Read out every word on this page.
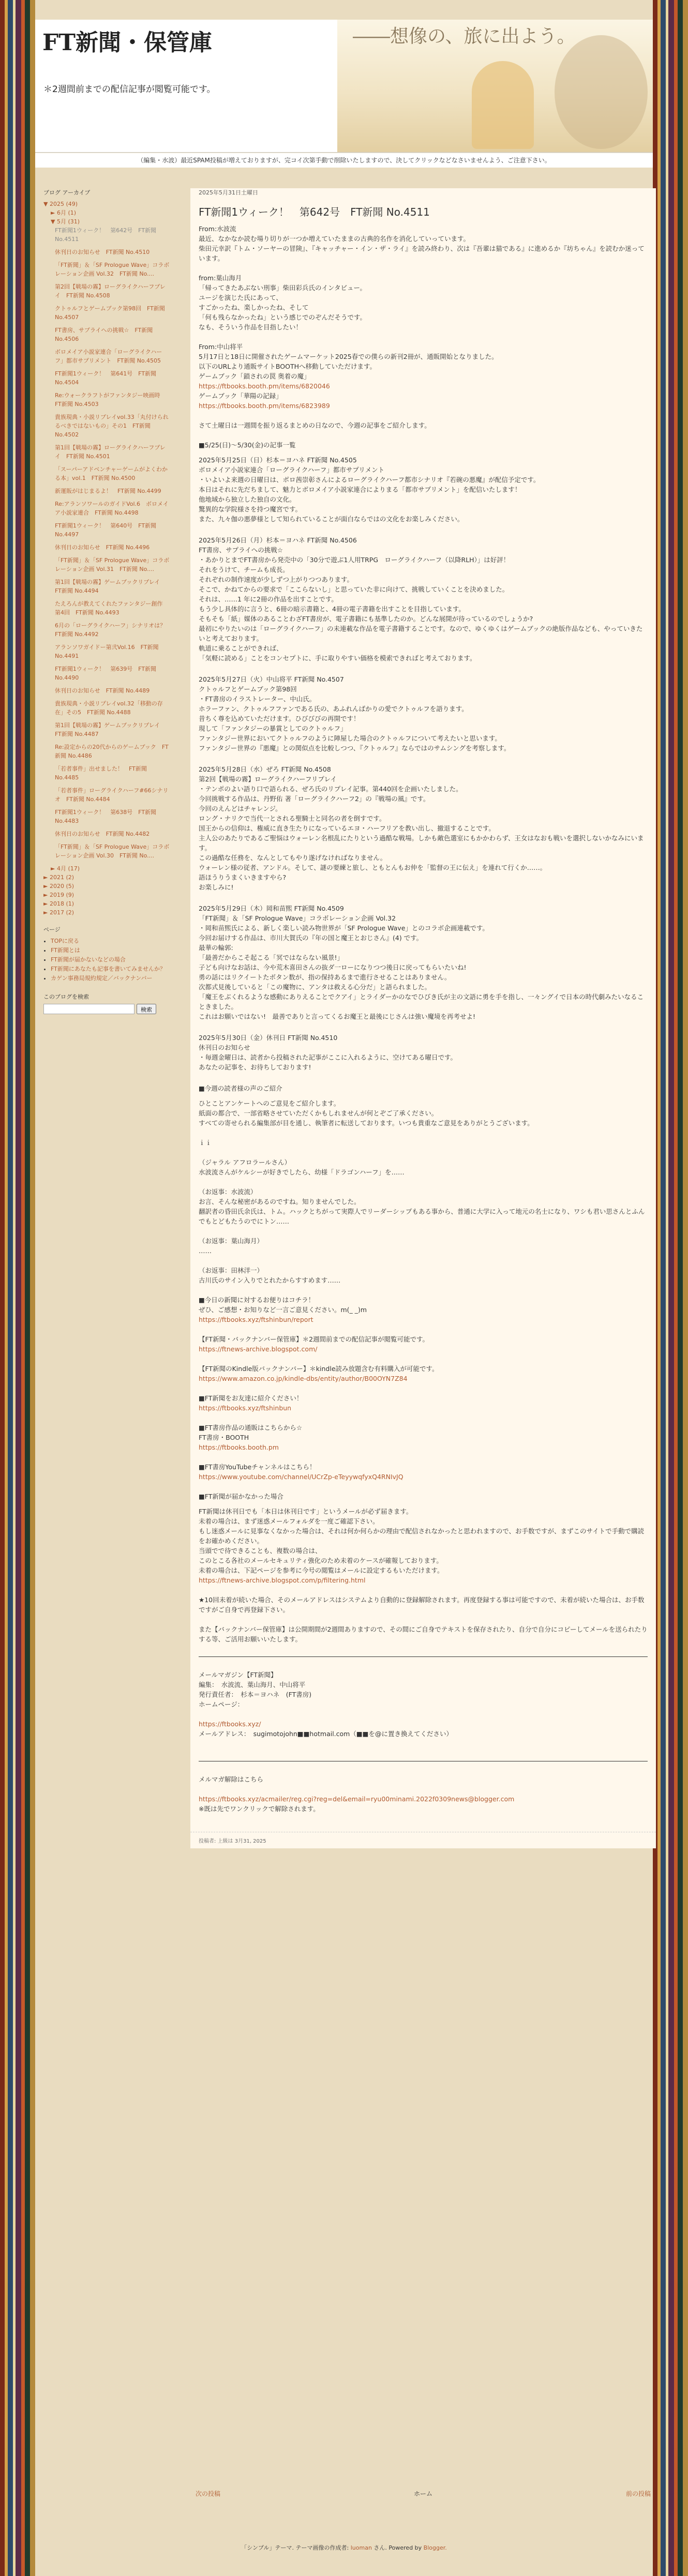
FT新聞・保管庫
＊2週間前までの配信記事が閲覧可能です。
――想像の、旅に出よう。
（編集・水波）最近SPAM投稿が増えておりますが、完コイ次第手動で削除いたしますので、決してクリックなどなさいませんよう、ご注意下さい。
ブログ アーカイブ
▼ 2025 (49)
► 6月 (1)
▼ 5月 (31)
FT新聞1ウィーク！　第642号　FT新聞 No.4511
休刊日のお知らせ　FT新聞 No.4510
「FT新聞」＆「SF Prologue Wave」コラボレーション企画 Vol.32　FT新聞 No....
第2回【戦場の霧】ローグライクハーフプレイ　FT新聞 No.4508
クトゥルフとゲームブック第98回　FT新聞 No.4507
FT書房、サプライへの挑戦☆　FT新聞 No.4506
ボロメイア小説家連合「ローグライクハーフ」都市サプリメント　FT新聞 No.4505
FT新聞1ウィーク！　第641号　FT新聞 No.4504
Re:ウォークラフトがファンタジー映画時　FT新聞 No.4503
貴族現典・小説リプレイvol.33「丸付けられるべきではないもの」その1　FT新聞 No.4502
第1回【戦場の霧】ローグライクハーフプレイ　FT新聞 No.4501
「スーパーアドベンチャーゲームがよくわかる本」vol.1　FT新聞 No.4500
新運販がはじまるよ！　FT新聞 No.4499
Re:アランソワールのガイドVol.6　ボロメイア小説家連合　FT新聞 No.4498
FT新聞1ウィーク！　第640号　FT新聞 No.4497
休刊日のお知らせ　FT新聞 No.4496
「FT新聞」＆「SF Prologue Wave」コラボレーション企画 Vol.31　FT新聞 No....
第1回【戦場の霧】ゲームブックリプレイ　FT新聞 No.4494
たえろんが教えてくれたファンタジー創作　第4回　FT新聞 No.4493
6月の「ローグライクハーフ」シナリオは？　FT新聞 No.4492
アランソワガイドー第弐Vol.16　FT新聞 No.4491
FT新聞1ウィーク！　第639号　FT新聞 No.4490
休刊日のお知らせ　FT新聞 No.4489
貴族現典・小説リプレイvol.32「移動の存在」その5　FT新聞 No.4488
第1回【戦場の霧】ゲームブックリプレイ　FT新聞 No.4487
Re:設定からの20代からのゲームブック　FT新聞 No.4486
「若者事件」出せました！　FT新聞 No.4485
「若者事件」ローグライクハーフ#66シナリオ　FT新聞 No.4484
FT新聞1ウィーク！　第638号　FT新聞 No.4483
休刊日のお知らせ　FT新聞 No.4482
「FT新聞」＆「SF Prologue Wave」コラボレーション企画 Vol.30　FT新聞 No....
► 4月 (17)
► 2021 (2)
► 2020 (5)
► 2019 (9)
► 2018 (1)
► 2017 (2)
ページ
• TOPに戻る
• FT新聞とは
• FT新聞が届かないなどの場合
• FT新聞にあなたも記事を書いてみませんか？
• カゲン事務局規約規定／バックナンバー
このブログを検索
検索
2025年5月31日土曜日
FT新聞1ウィーク！　第642号　FT新聞 No.4511
From:水波流
最近、なかなか読む場り切りが一つか増えていたままの古典的名作を消化していっています。
柴田元幸訳『トム・ソーヤーの冒険』、『キャッチャー・イン・ザ・ライ』を読み終わり、次は『吾輩は猫である』に進めるか『坊ちゃん』を読むか迷っています。
from:葉山海月
「帰ってきたあぶない刑事」柴田彩兵氏のインタビュー。
ユージを演じた氏にあって、
すごかったね、楽しかったね、そして
「何も残らなかったね」という感じでのぞんだそうです。
なも、そういう作品を目指したい！
From:中山将平
5月17日と18日に開催されたゲームマーケット2025春での僕らの新刊2冊が、通販開始となりました。
以下のURLより通販サイトBOOTHへ移動していただけます。
ゲームブック「鎖されの罠 奥着の魔」
https://ftbooks.booth.pm/items/6820046
ゲームブック「華陽の記録」
https://ftbooks.booth.pm/items/6823989
さて土曜日は一週間を振り返るまとめの日なので、今週の記事をご紹介します。
■5/25(日)〜5/30(金)の記事一覧
2025年5月25日（日）杉本＝ヨハネ FT新聞 No.4505
ボロメイア小説家連合「ローグライクハーフ」都市サプリメント
・いよいよ来週の日曜日は、ボロ茜崇彰さんによるローグライクハーフ都市シナリオ『若碗の悪魔』が配信予定です。
本日はそれに先だちまして、魅力とボロメイア小説家連合によりまる「都市サプリメント」を配信いたします！
他地域から独立した独自の文化。
驚異的な学院様さを持つ魔宮です。
また、九々伽の悪夢様として知られていることが面白ならではの文化をお楽しみください。
2025年5月26日（月）杉本＝ヨハネ FT新聞 No.4506
FT書房、サプライへの挑戦☆
・あかりとまでFT書房から発売中の「30分で遊ぶ1人用TRPG　ローグライクハーフ（以降RLH）」は好評！
それをうけて、チームも成長。
それぞれの制作速度が少しずつ上がりつつあります。
そこで、かねてからの要求で「ここらないし」と思っていた非に向けて、挑戦していくことを決めました。
それは、……1 年に2冊の作品を出すことです。
もう少し具体的に言うと、6冊の暗示書籍と、4冊の電子書籍を出すことを目指しています。
そもそも「紙」媒体のあることわざFT書房が、電子書籍にも基準したのか。どんな展開が待っているのでしょうか?
最初にやりたいのは「ローグライクハーフ」の未連載な作品を電子書籍することです。なので、ゆくゆくはゲームブックの絶版作品なども、やっていきたいと考えております。
軌道に乗ることができれば、
「気軽に読める」ことをコンセプトに、手に取りやすい価格を模索できればと考えております。
2025年5月27日（火）中山将平 FT新聞 No.4507
クトゥルフとゲームブック第98回
・FT書房のイラストレーター、中山氏。
ホラーファン、クトゥルフファンである氏の、あふれんばかりの愛でクトゥルフを語ります。
昔ちく尊を込めていただけます。ひびびびの再開です！
現して「ファンタジーの暴賞としてのクトゥルフ」
ファンタジー世界においてクトゥルフのように陣屋した場合のクトゥルフについて考えたいと思います。
ファンタジー世界の『悪魔』との関似点を比較しつつ、『クトゥルフ』ならではのサムシングを考察します。
2025年5月28日（水）ぜろ FT新聞 No.4508
第2回【戦場の霧】ローグライクハーフリプレイ
・テンポのよい語り口で語られる、ぜろ氏のリプレイ記事。第440回を企画いたしました。
今回挑戦する作品は、丹野佑 著「ローグライクハーフ2」の『戦場の風』です。
今回のえんどはチャレンジ。
ロング・ナリクで当代一とされる聖騎士と同名の者を倒すです。
国王からの信仰は、権威に直き生たりになっているエヨ・ハーフリアを教い出し、撤退することです。
主人公のあたりであるご聖悩はウォーレン名根乱にたりという過酷な戦場。しかも敵色選室にもかかわらず、王女はなおも戦いを選択しないかなみにいます。
この過酷な任務を、なんとしてもやり遂げなければなりません。
ウォーレン様の従者、アンドル。そして、謎の要練と旅し、ともとんもお仲を「監督の王に伝え」を連れて行くか……。
語ほうりうまくいきますやら?
お楽しみに!
2025年5月29日（木）岡和苗煕 FT新聞 No.4509
「FT新聞」＆「SF Prologue Wave」コラボレーション企画 Vol.32
・岡和苗煕氏による、新しく楽しい読み物世界が「SF Prologue Wave」とのコラボ企画連載です。
今回お届けする作品は、市川大賀氏の『年の国と魔王とおじさん』(4) です。
最華の輪郭:
「最善だからこそ起こる「冥ではならない風景!」
子ども向けなお話は、今や荒木喜田さんの抜ダ一ローになりつつ後日に戻ってもらいたいね!
勇の話にはリクイートたボタン数が、指の保持あるまで進行させることはありません。
次都式見後していると「この魔物に、アンタは救える心分だ」と語られました。
「魔王をぶくれるような感動にありえることでクアイ」とライダーかのなでひびき氏が主の文語に勇を手を指し、一々ングイで日本の時代劇みたいなることきました。
これはお願いではない!　最善でありと言ってくるお魔王と最後にじさんは強い魔境を再考せよ!
2025年5月30日（金）休刊日 FT新聞 No.4510
休刊日のお知らせ
・毎週金曜日は、読者から投稿された記事がここに入れるように、空けてある曜日です。
あなたの記事を、お待ちしております!
■今週の読者様の声のご紹介
ひとことアンケートへのご意見をご紹介します。
紙面の都合で、一部省略させていただくかもしれませんが何とぞご了承ください。
すべての寄せられる編集部が目を通し、執筆者に転送しております。いつも貴重なご意見をありがとうございます。
ｉｉ
（ジャラル アフロラールさん）
水波流さんがケルシーが好きでしたら、幼様「ドラゴンハーフ」を……
（お返事：水波流）
お言、そんな秘密があるのですね。知りませんでした。
翻訳者の昏田氏余氏は、トム。ハックとちがって実際人でリーダーシップもある事から、普通に大学に入って地元の名士になり、ワシも君い思さんとふんでもとどもたうのでにトン……
（お返事：葉山海月）
……
（お返事：田林洋一）
古川氏のサイン入りでとれたからすすめます……
■今日の新聞に対するお便りはコチラ！
ぜひ、ご感想・お知りなど一言ご意見ください。m(_ _)m
https://ftbooks.xyz/ftshinbun/report
【FT新聞・バックナンバー保管庫】＊2週間前までの配信記事が閲覧可能です。
https://ftnews-archive.blogspot.com/
【FT新聞のKindle版バックナンバー】＊kindle読み放題含む有料購入が可能です。
https://www.amazon.co.jp/kindle-dbs/entity/author/B00OYN7Z84
■FT新聞をお友達に紹介ください！
https://ftbooks.xyz/ftshinbun
■FT書房作品の通販はこちらから☆
FT書房・BOOTH
https://ftbooks.booth.pm
■FT書房YouTubeチャンネルはこちら！
https://www.youtube.com/channel/UCrZp-eTeyywqfyxQ4RNIvJQ
■FT新聞が届かなかった場合
FT新聞は休刊日でも「本日は休刊日です」というメールが必ず届きます。
未着の場合は、まず迷惑メールフォルダを一度ご確認下さい。
もし迷惑メールに見事なくなかった場合は、それは何か何らかの理由で配信されなかったと思われますので、お手数ですが、まずこのサイトで手動で購読をお確かめください。
当頭でで待できることも、複数の場合は、
このとこる各社のメールセキュリティ強化のため未着のケースが確報しております。
未着の場合は、下記ページを参考に今号の閲覧はメールに設定するもいただけます。

https://ftnews-archive.blogspot.com/p/filtering.html
★10回未着が続いた場合、そのメールアドレスはシステムより自動的に登録解除されます。再度登録する事は可能ですので、未着が続いた場合は、お手数ですがご自身で再登録下さい。
また【バックナンバー保管庫】は公開期間が2週間ありますので、その間にご自身でテキストを保存されたり、自分で自分にコピーしてメールを送られたりする等、ご活用お願いいたします。

メールマガジン【FT新聞】
編集：　水波流、葉山海月、中山将平
発行責任者：　杉本＝ヨハネ　(FT書房)
ホームページ：

https://ftbooks.xyz/

メールアドレス：　sugimotojohn■■hotmail.com（■■を@に置き換えてください）

メルマガ解除はこちら

https://ftbooks.xyz/acmailer/reg.cgi?reg=del&email=ryu00minami.2022f0309news@blogger.com

※既は先でワンクリックで解除されます。

投稿者: 上級は 3月31, 2025
次の投稿	ホーム	前の投稿
「シンプル」テーマ. テーマ画像の作成者: luoman さん. Powered by Blogger.
